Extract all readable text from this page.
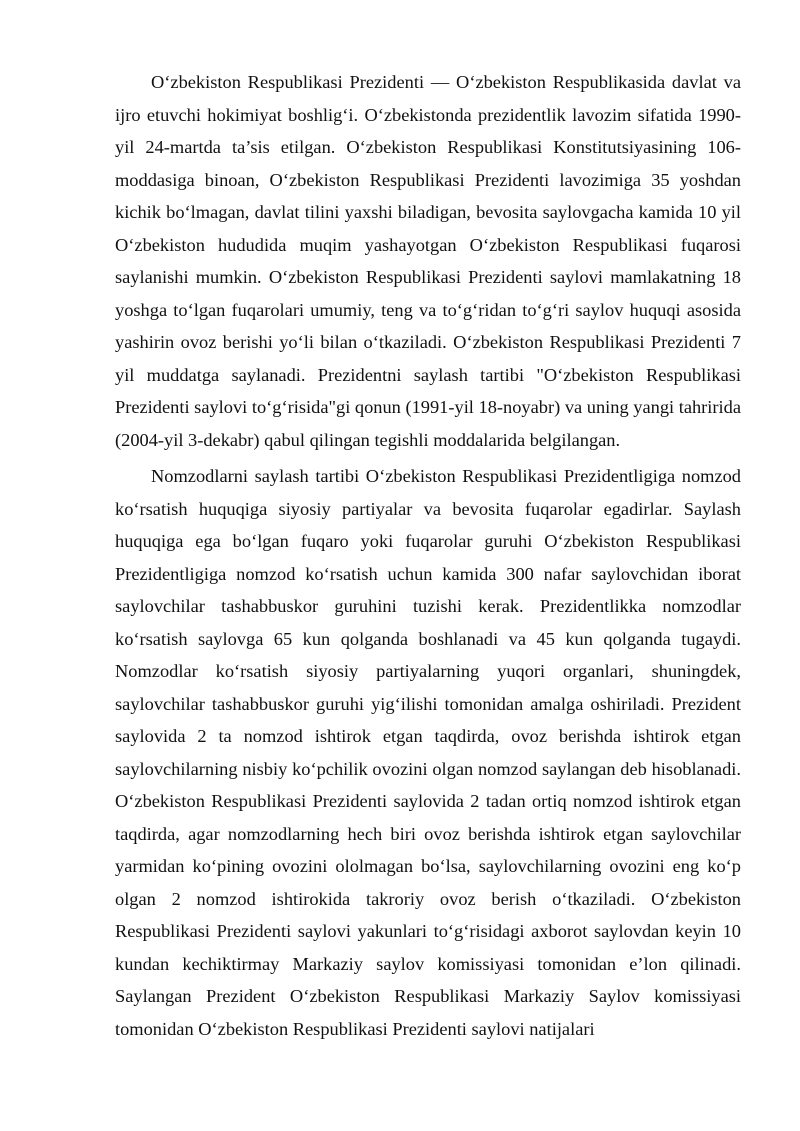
O‘zbekiston Respublikasi Prezidenti — O‘zbekiston Respublikasida davlat va ijro etuvchi hokimiyat boshlig‘i. O‘zbekistonda prezidentlik lavozim sifatida 1990-yil 24-martda ta’sis etilgan. O‘zbekiston Respublikasi Konstitutsiyasining 106-moddasiga binoan, O‘zbekiston Respublikasi Prezidenti lavozimiga 35 yoshdan kichik bo‘lmagan, davlat tilini yaxshi biladigan, bevosita saylovgacha kamida 10 yil O‘zbekiston hududida muqim yashayotgan O‘zbekiston Respublikasi fuqarosi saylanishi mumkin. O‘zbekiston Respublikasi Prezidenti saylovi mamlakatning 18 yoshga to‘lgan fuqarolari umumiy, teng va to‘g‘ridan to‘g‘ri saylov huquqi asosida yashirin ovoz berishi yo‘li bilan o‘tkaziladi. O‘zbekiston Respublikasi Prezidenti 7 yil muddatga saylanadi. Prezidentni saylash tartibi "O‘zbekiston Respublikasi Prezidenti saylovi to‘g‘risida"gi qonun (1991-yil 18-noyabr) va uning yangi tahririda (2004-yil 3-dekabr) qabul qilingan tegishli moddalarida belgilangan.

Nomzodlarni saylash tartibi O‘zbekiston Respublikasi Prezidentligiga nomzod ko‘rsatish huquqiga siyosiy partiyalar va bevosita fuqarolar egadirlar. Saylash huquqiga ega bo‘lgan fuqaro yoki fuqarolar guruhi O‘zbekiston Respublikasi Prezidentligiga nomzod ko‘rsatish uchun kamida 300 nafar saylovchidan iborat saylovchilar tashabbuskor guruhini tuzishi kerak. Prezidentlikka nomzodlar ko‘rsatish saylovga 65 kun qolganda boshlanadi va 45 kun qolganda tugaydi. Nomzodlar ko‘rsatish siyosiy partiyalarning yuqori organlari, shuningdek, saylovchilar tashabbuskor guruhi yig‘ilishi tomonidan amalga oshiriladi. Prezident saylovida 2 ta nomzod ishtirok etgan taqdirda, ovoz berishda ishtirok etgan saylovchilarning nisbiy ko‘pchilik ovozini olgan nomzod saylangan deb hisoblanadi. O‘zbekiston Respublikasi Prezidenti saylovida 2 tadan ortiq nomzod ishtirok etgan taqdirda, agar nomzodlarning hech biri ovoz berishda ishtirok etgan saylovchilar yarmidan ko‘pining ovozini ololmagan bo‘lsa, saylovchilarning ovozini eng ko‘p olgan 2 nomzod ishtirokida takroriy ovoz berish o‘tkaziladi. O‘zbekiston Respublikasi Prezidenti saylovi yakunlari to‘g‘risidagi axborot saylovdan keyin 10 kundan kechiktirmay Markaziy saylov komissiyasi tomonidan e’lon qilinadi. Saylangan Prezident O‘zbekiston Respublikasi Markaziy Saylov komissiyasi tomonidan O‘zbekiston Respublikasi Prezidenti saylovi natijalari
